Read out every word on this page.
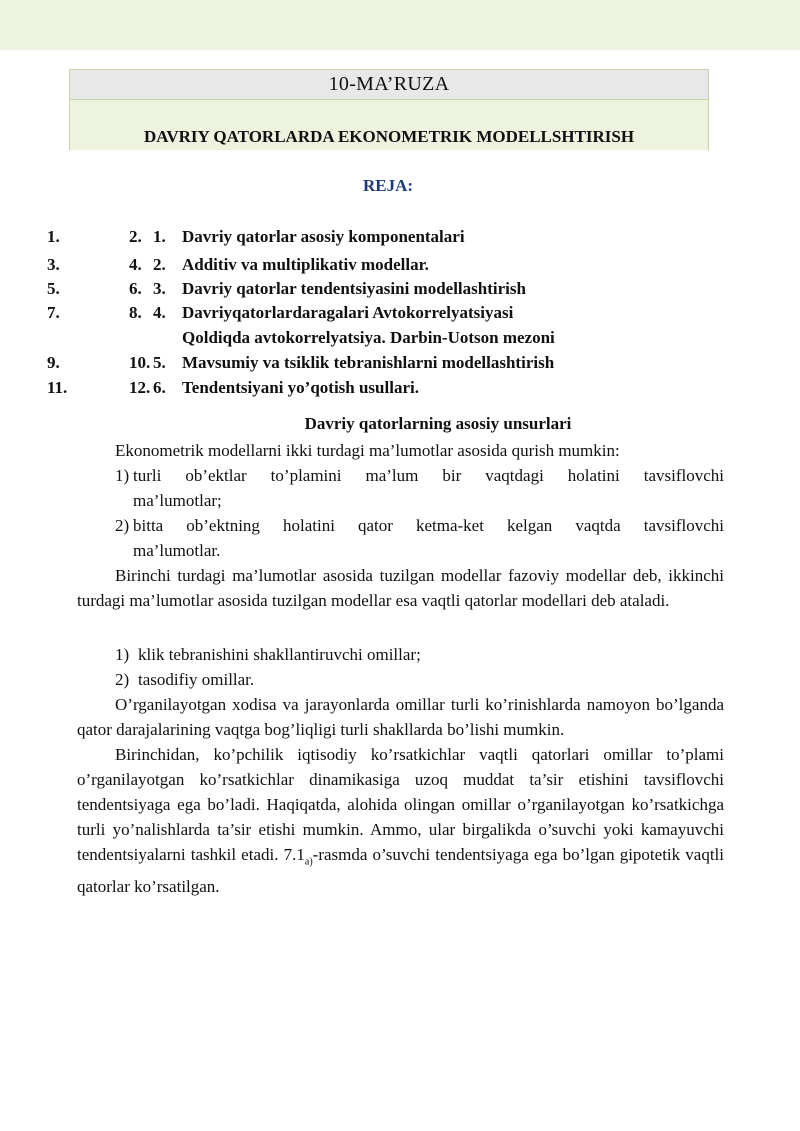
10-MA’RUZA
DAVRIY QATORLARDA EKONOMETRIK MODELLSHTIRISH
REJA:
1.	2. 1. Davriy qatorlar asosiy komponentalari
3.	4. 2. Additiv va multiplikativ modellar.
5.	6. 3. Davriy qatorlar tendentsiyasini modellashtirish
7.	8. 4. Davriyqatorlardaragalari Avtokorrelyatsiyasi
Qoldiqda avtokorrelyatsiya. Darbin-Uotson mezoni
9.	10. 5. Mavsumiy va tsiklik tebranishlarni modellashtirish
11.	12. 6. Tendentsiyani yo’qotish usullari.
Davriy qatorlarning asosiy unsurlari
Ekonometrik modellarni ikki turdagi ma’lumotlar asosida qurish mumkin:
1) turli ob’ektlar to’plamini ma’lum bir vaqtdagi holatini tavsiflovchi
ma’lumotlar;
2) bitta ob’ektning holatini qator ketma-ket kelgan vaqtda tavsiflovchi
ma’lumotlar.
Birinchi turdagi ma’lumotlar asosida tuzilgan modellar fazoviy modellar deb, ikkinchi turdagi ma’lumotlar asosida tuzilgan modellar esa vaqtli qatorlar modellari deb ataladi.
1) klik tebranishini shakllantiruvchi omillar;
2) tasodifiy omillar.
O’rganilayotgan xodisa va jarayonlarda omillar turli ko’rinishlarda namoyon bo’lganda qator darajalarining vaqtga bog’liqligi turli shakllarda bo’lishi mumkin.
Birinchidan, ko’pchilik iqtisodiy ko’rsatkichlar vaqtli qatorlari omillar to’plami o’rganilayotgan ko’rsatkichlar dinamikasiga uzoq muddat ta’sir etishini tavsiflovchi tendentsiyaga ega bo’ladi. Haqiqatda, alohida olingan omillar o’rganilayotgan ko’rsatkichga turli yo’nalishlarda ta’sir etishi mumkin. Ammo, ular birgalikda o’suvchi yoki kamayuvchi tendentsiyalarni tashkil etadi. $7.1_{a)}$-rasmda o’suvchi tendentsiyaga ega bo’lgan gipotetik vaqtli qatorlar ko’rsatilgan.
